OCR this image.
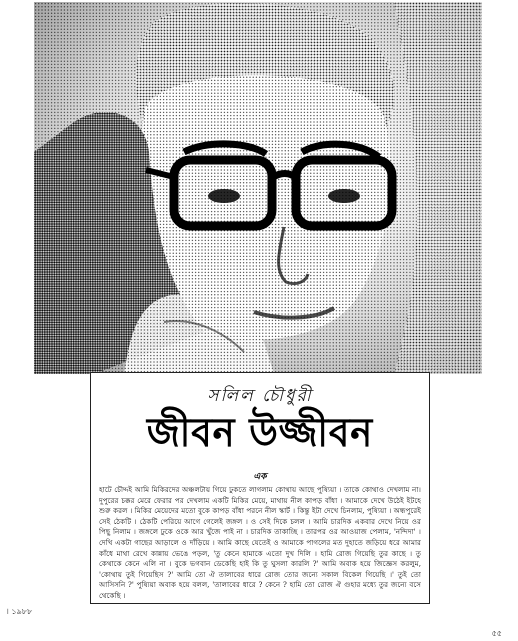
সলিল চৌধুরী
জীবন উজ্জীবন
এক

হাটে চৌদ্দই আমি মিকিরদের অঞ্চলটায় গিয়ে ঢুকতে লাগলাম কোথায় আছে পুষ্যিয়া । তাকে কোথাও দেখলাম না। দুপুরের চক্কর মেরে ফেরার পর দেখলাম একটি মিকির মেয়ে, মাথায় নীল কাপড় বাঁধা । আমাকে দেখে উঠেই ইটহে শুরু করল । মিকির মেয়েদের মতো বুকে কাপড় বাঁধা পরনে নীল স্কার্ট । কিন্তু ইটা দেখে চিনলাম, পুষ্যিয়া । অন্ধপুরেই সেই ঠেকটি । ঠেকটি পেরিয়ে আগে গেলেই জঙ্গল । ও সেই দিকে চলল । আমি চারদিক একবার দেখে নিয়ে ওর পিছু নিলাম । জঙ্গলে ঢুকে ওকে আর খুঁজে পাই না । চারদিক তাকাচ্ছি । তারপর ওর আওয়াজ পেলাম, 'নন্দিদা' । দেখি একটা গাছের আড়ালে ও দাঁড়িয়ে । আমি কাছে যেতেই ও আমাকে পাগলের মত দুহাতে জড়িয়ে ধরে আমার কাঁধে মাথা রেখে কান্নায় ভেঙে পড়ল, 'তু কেনে হামাকে এতো দুখ দিলি । হামি রোজ গিয়েছি তুর কাছে । তু কেথাকে কেনে এলি না । বুকে ভগবান ডেকেছি হাই কি তু ঘুসলা কারলি ?' আমি অবাক হয়ে জিজ্ঞেস করলুম, 'কোথায় তুই গিয়েছিস ?' আমি তো ঐ তালাবের ধারে রোজ তোর জন্যে সকাল বিকেল গিয়েছি ।' তুই তো আসিসনি ?' পুষ্যিয়া অবাক হয়ে বলল, 'তালাবের ধারে ? কেনে ? হামি তো রোজ ঐ গুহার মধ্যে তুর জন্যে বসে থেকেছি ।

। ১৯৮৮
৫৫
